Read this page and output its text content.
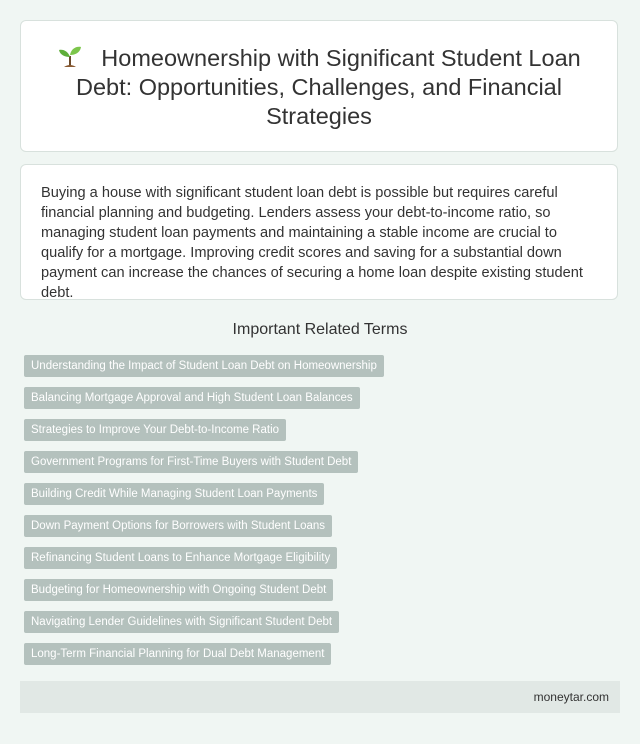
Homeownership with Significant Student Loan Debt: Opportunities, Challenges, and Financial Strategies

Buying a house with significant student loan debt is possible but requires careful financial planning and budgeting. Lenders assess your debt-to-income ratio, so managing student loan payments and maintaining a stable income are crucial to qualify for a mortgage. Improving credit scores and saving for a substantial down payment can increase the chances of securing a home loan despite existing student debt.

Important Related Terms
Understanding the Impact of Student Loan Debt on Homeownership
Balancing Mortgage Approval and High Student Loan Balances
Strategies to Improve Your Debt-to-Income Ratio
Government Programs for First-Time Buyers with Student Debt
Building Credit While Managing Student Loan Payments
Down Payment Options for Borrowers with Student Loans
Refinancing Student Loans to Enhance Mortgage Eligibility
Budgeting for Homeownership with Ongoing Student Debt
Navigating Lender Guidelines with Significant Student Debt
Long-Term Financial Planning for Dual Debt Management
moneytar.com
